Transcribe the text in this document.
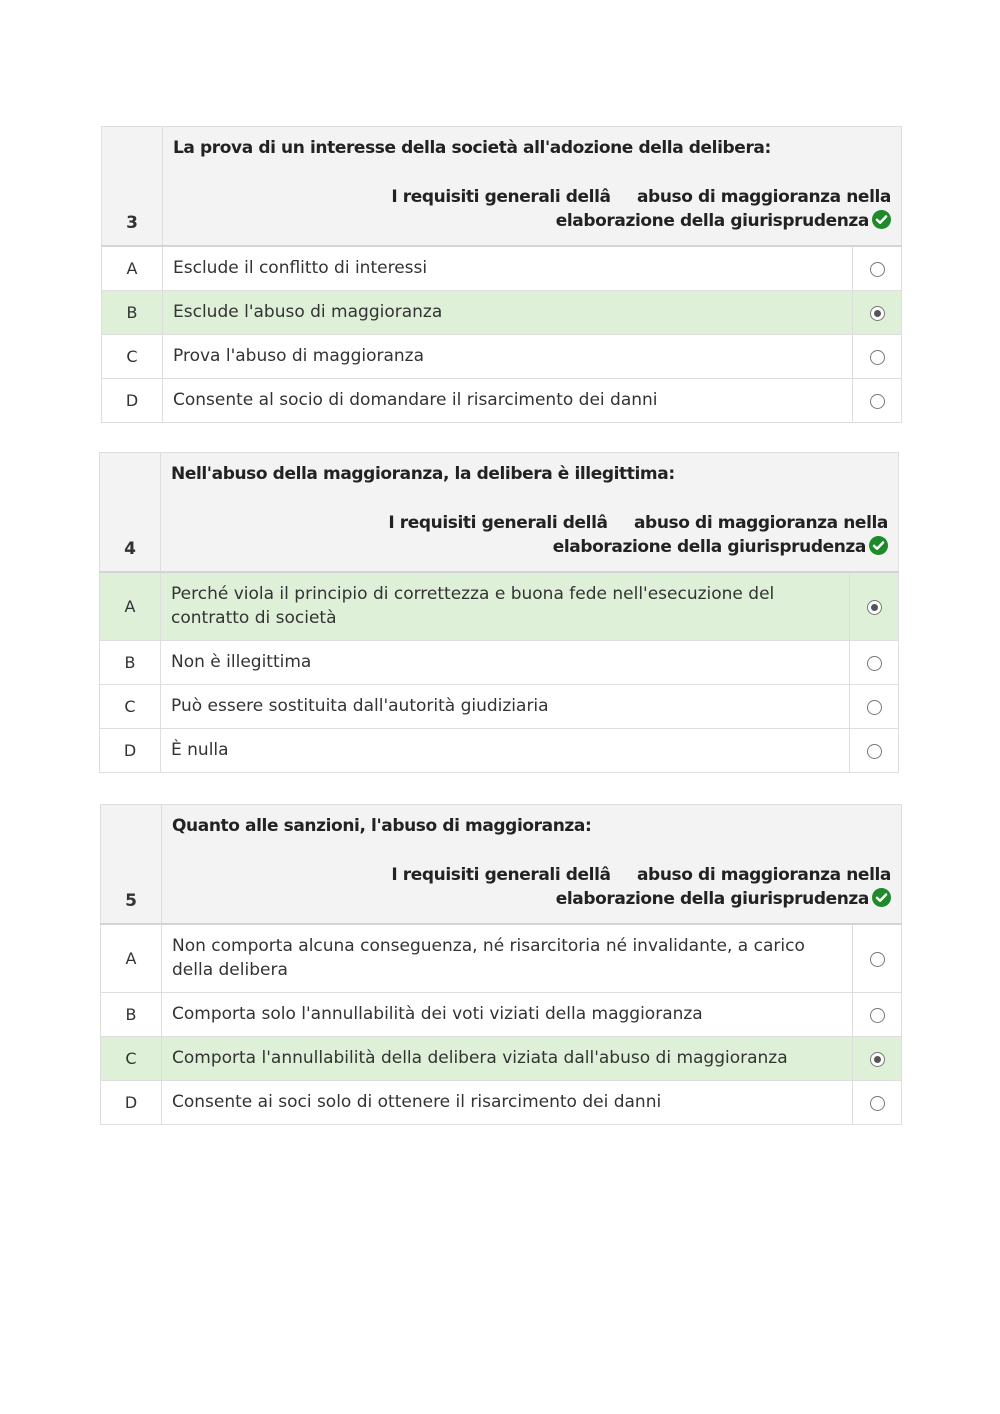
3	La prova di un interesse della società all'adozione della delibera:
I requisiti generali dellâabuso di maggioranza nella elaborazione della giurisprudenza	

A	Esclude il conflitto di interessi	
B	Esclude l'abuso di maggioranza	
C	Prova l'abuso di maggioranza	
D	Consente al socio di domandare il risarcimento dei danni	
4	Nell'abuso della maggioranza, la delibera è illegittima:
I requisiti generali dellâabuso di maggioranza nella elaborazione della giurisprudenza	

A	Perché viola il principio di correttezza e buona fede nell'esecuzione del contratto di società	
B	Non è illegittima	
C	Può essere sostituita dall'autorità giudiziaria	
D	È nulla	
5	Quanto alle sanzioni, l'abuso di maggioranza:
I requisiti generali dellâabuso di maggioranza nella elaborazione della giurisprudenza	

A	Non comporta alcuna conseguenza, né risarcitoria né invalidante, a carico della delibera	
B	Comporta solo l'annullabilità dei voti viziati della maggioranza	
C	Comporta l'annullabilità della delibera viziata dall'abuso di maggioranza	
D	Consente ai soci solo di ottenere il risarcimento dei danni	
